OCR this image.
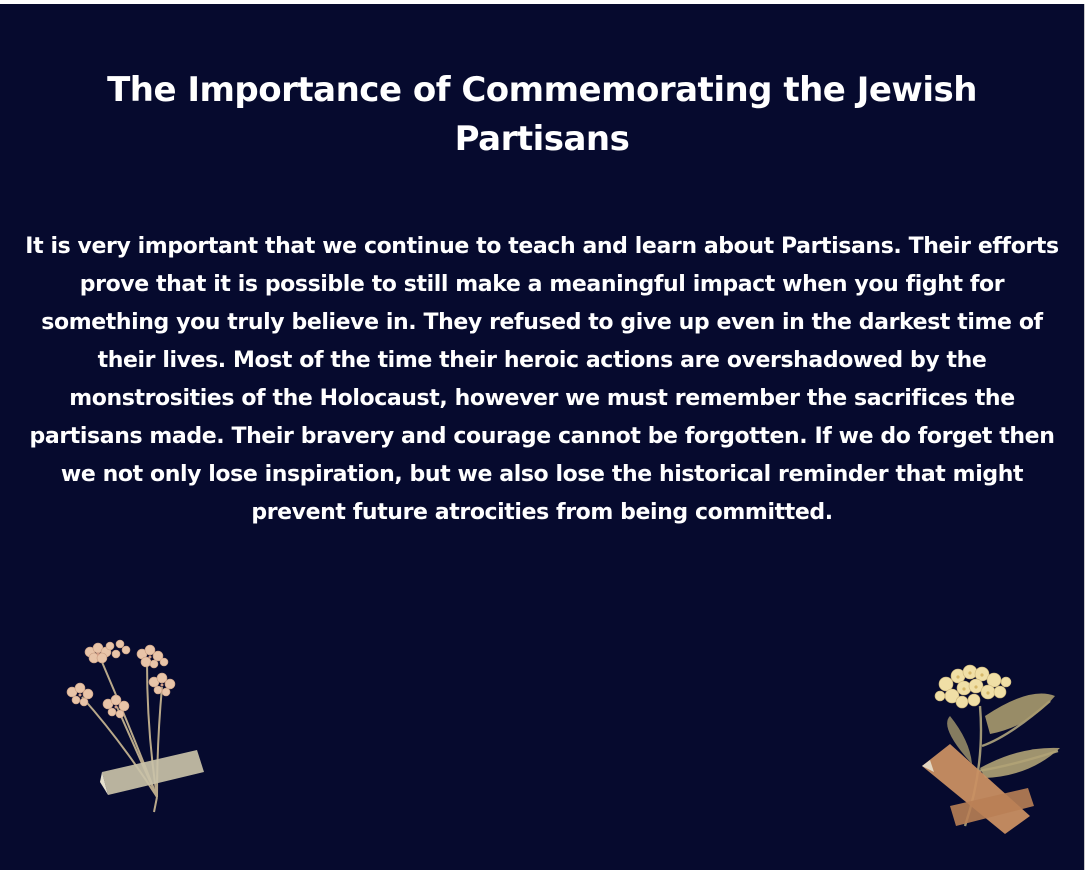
The Importance of Commemorating the Jewish Partisans

It is very important that we continue to teach and learn about Partisans. Their efforts prove that it is possible to still make a meaningful impact when you fight for something you truly believe in. They refused to give up even in the darkest time of their lives. Most of the time their heroic actions are overshadowed by the monstrosities of the Holocaust, however we must remember the sacrifices the partisans made. Their bravery and courage cannot be forgotten. If we do forget then we not only lose inspiration, but we also lose the historical reminder that might prevent future atrocities from being committed.
